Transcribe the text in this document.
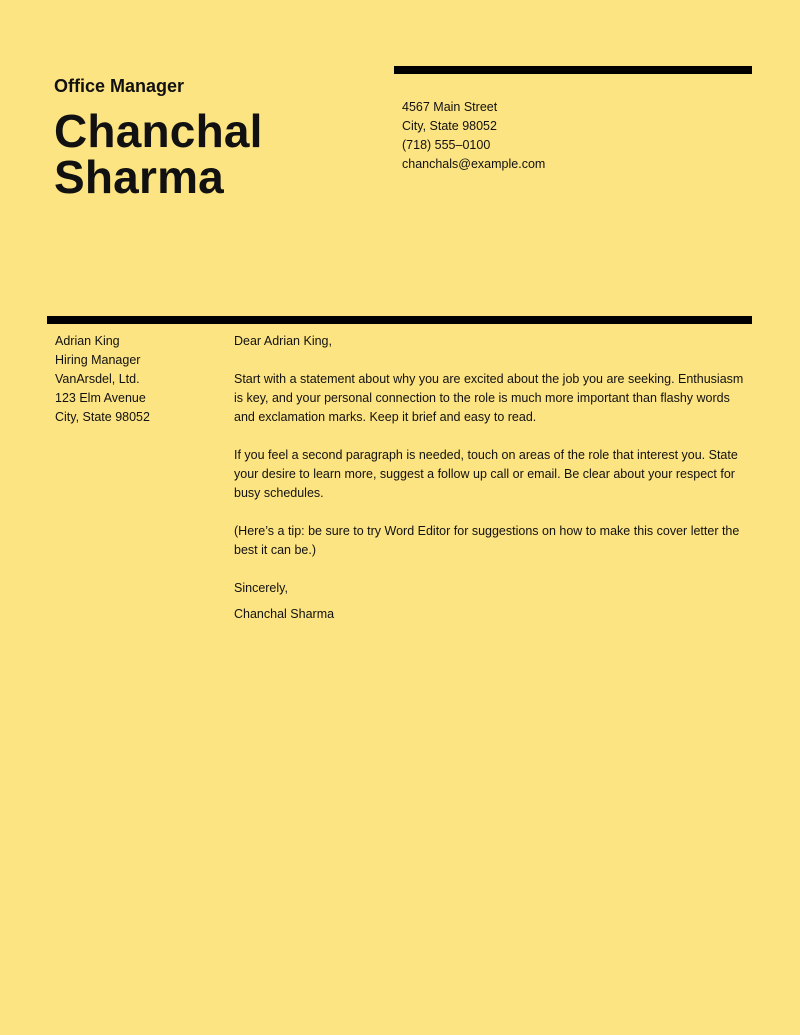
Office Manager
Chanchal
Sharma
4567 Main Street
City, State 98052
(718) 555–0100
chanchals@example.com
Adrian King
Hiring Manager
VanArsdel, Ltd.
123 Elm Avenue
City, State 98052

Dear Adrian King,

Start with a statement about why you are excited about the job you are seeking. Enthusiasm is key, and your personal connection to the role is much more important than flashy words and exclamation marks. Keep it brief and easy to read.

If you feel a second paragraph is needed, touch on areas of the role that interest you. State your desire to learn more, suggest a follow up call or email. Be clear about your respect for busy schedules.

(Here’s a tip: be sure to try Word Editor for suggestions on how to make this cover letter the best it can be.)

Sincerely,

Chanchal Sharma
